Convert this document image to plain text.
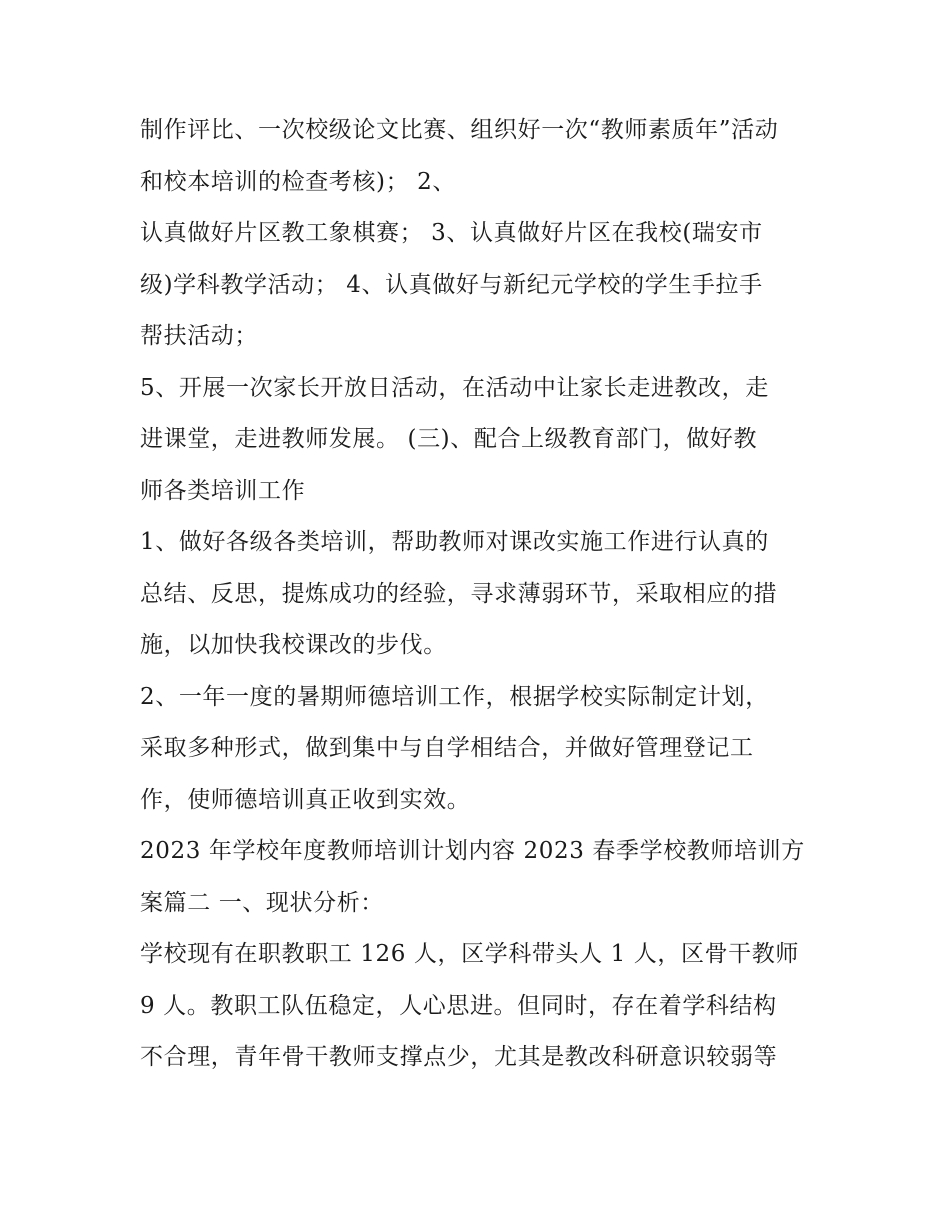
制作评比、一次校级论文比赛、组织好一次“教师素质年”活动
和校本培训的检查考核)； 2、
认真做好片区教工象棋赛； 3、认真做好片区在我校(瑞安市
级)学科教学活动； 4、认真做好与新纪元学校的学生手拉手
帮扶活动；
5、开展一次家长开放日活动，在活动中让家长走进教改，走
进课堂，走进教师发展。 (三)、配合上级教育部门，做好教
师各类培训工作
1、做好各级各类培训，帮助教师对课改实施工作进行认真的
总结、反思，提炼成功的经验，寻求薄弱环节，采取相应的措
施，以加快我校课改的步伐。
2、一年一度的暑期师德培训工作，根据学校实际制定计划，
采取多种形式，做到集中与自学相结合，并做好管理登记工
作，使师德培训真正收到实效。
2023 年学校年度教师培训计划内容 2023 春季学校教师培训方
案篇二 一、现状分析：
学校现有在职教职工 126 人，区学科带头人 1 人，区骨干教师
9 人。教职工队伍稳定，人心思进。但同时，存在着学科结构
不合理，青年骨干教师支撑点少，尤其是教改科研意识较弱等
